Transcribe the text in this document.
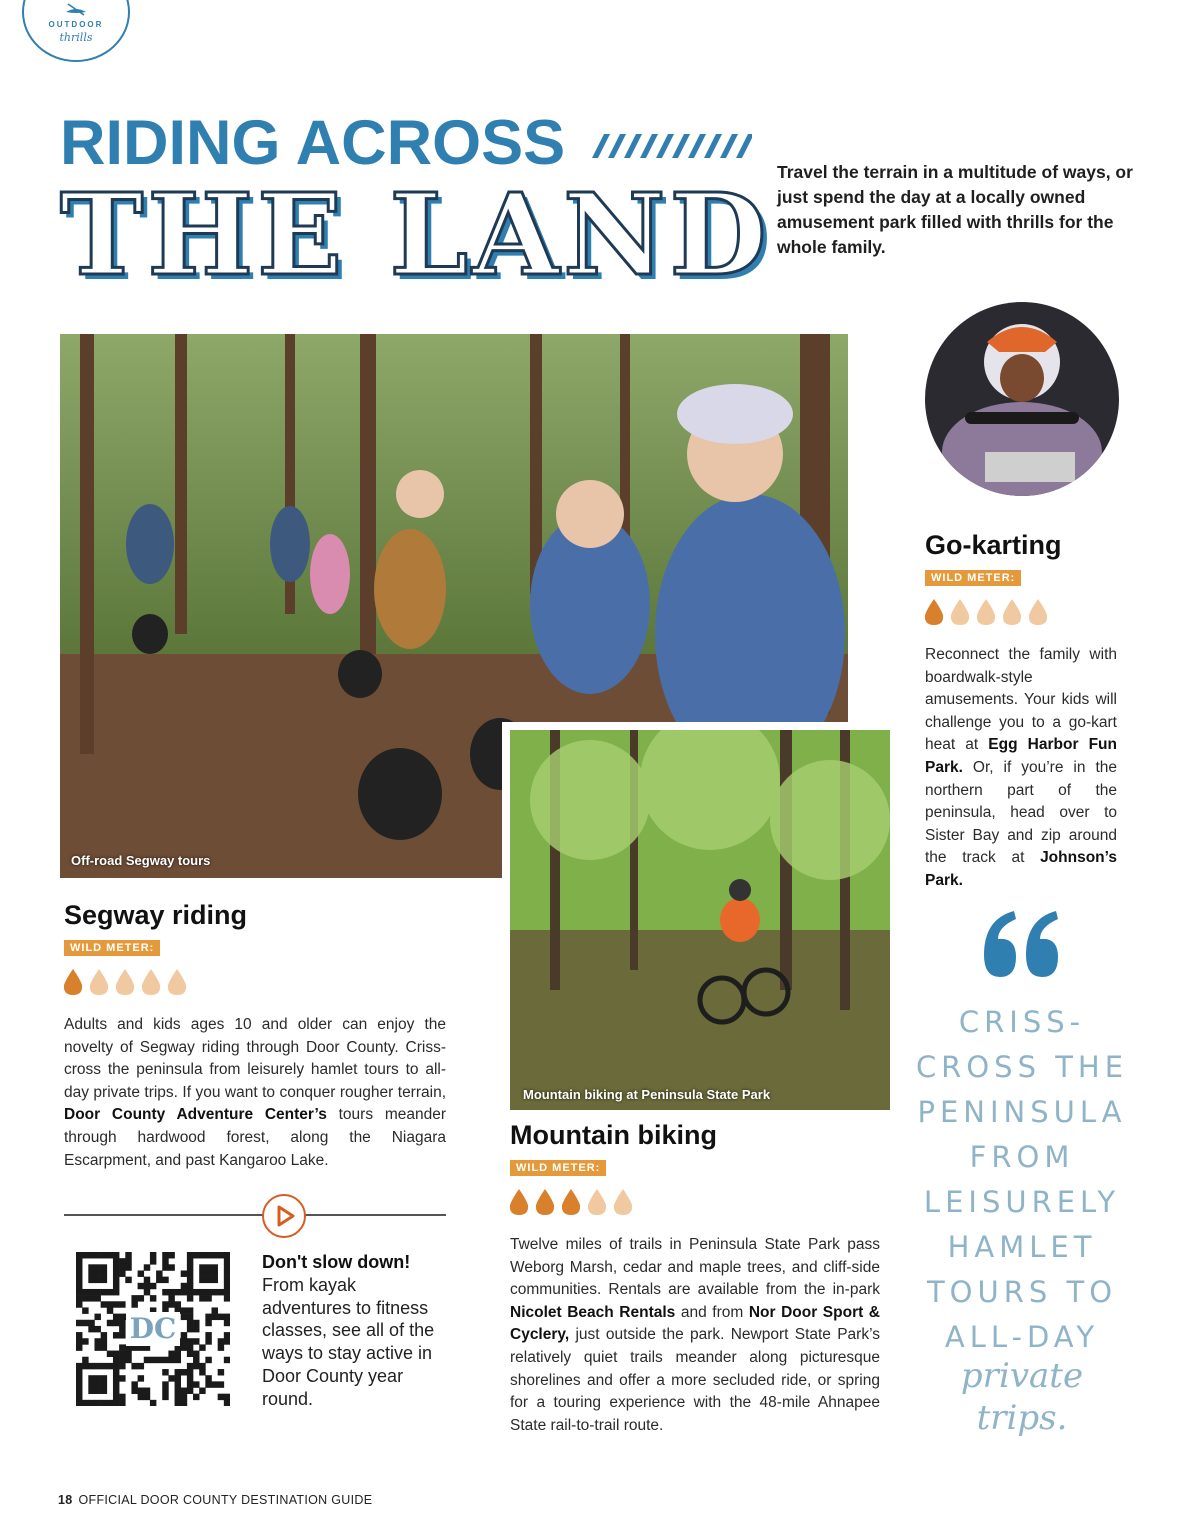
OUTDOOR
thrills
RIDING ACROSS
THE LAND Travel the terrain in a multitude of ways, or just spend the day at a locally owned amusement park filled with thrills for the whole family.
Off-road Segway tours
Go-karting
WILD METER:
Reconnect the family with boardwalk-style amusements. Your kids will challenge you to a go-kart heat at Egg Harbor Fun Park. Or, if you’re in the northern part of the peninsula, head over to Sister Bay and zip around the track at Johnson’s Park.
Segway riding
WILD METER:
Adults and kids ages 10 and older can enjoy the novelty of Segway riding through Door County. Criss-cross the peninsula from leisurely hamlet tours to all-day private trips. If you want to conquer rougher terrain, Door County Adventure Center’s tours meander through hardwood forest, along the Niagara Escarpment, and past Kangaroo Lake.
Mountain biking at Peninsula State Park
Mountain biking
WILD METER:
Twelve miles of trails in Peninsula State Park pass Weborg Marsh, cedar and maple trees, and cliff-side communities. Rentals are available from the in-park Nicolet Beach Rentals and from Nor Door Sport & Cyclery, just outside the park. Newport State Park’s relatively quiet trails meander along picturesque shorelines and offer a more secluded ride, or spring for a touring experience with the 48-mile Ahnapee State rail-to-trail route.
CRISS-
CROSS THE
PENINSULA
FROM
LEISURELY
HAMLET
TOURS TO
ALL-DAY
private
trips.
DC
Don't slow down!
From kayak adventures to fitness classes, see all of the ways to stay active in Door County year round.
18 OFFICIAL DOOR COUNTY DESTINATION GUIDE
